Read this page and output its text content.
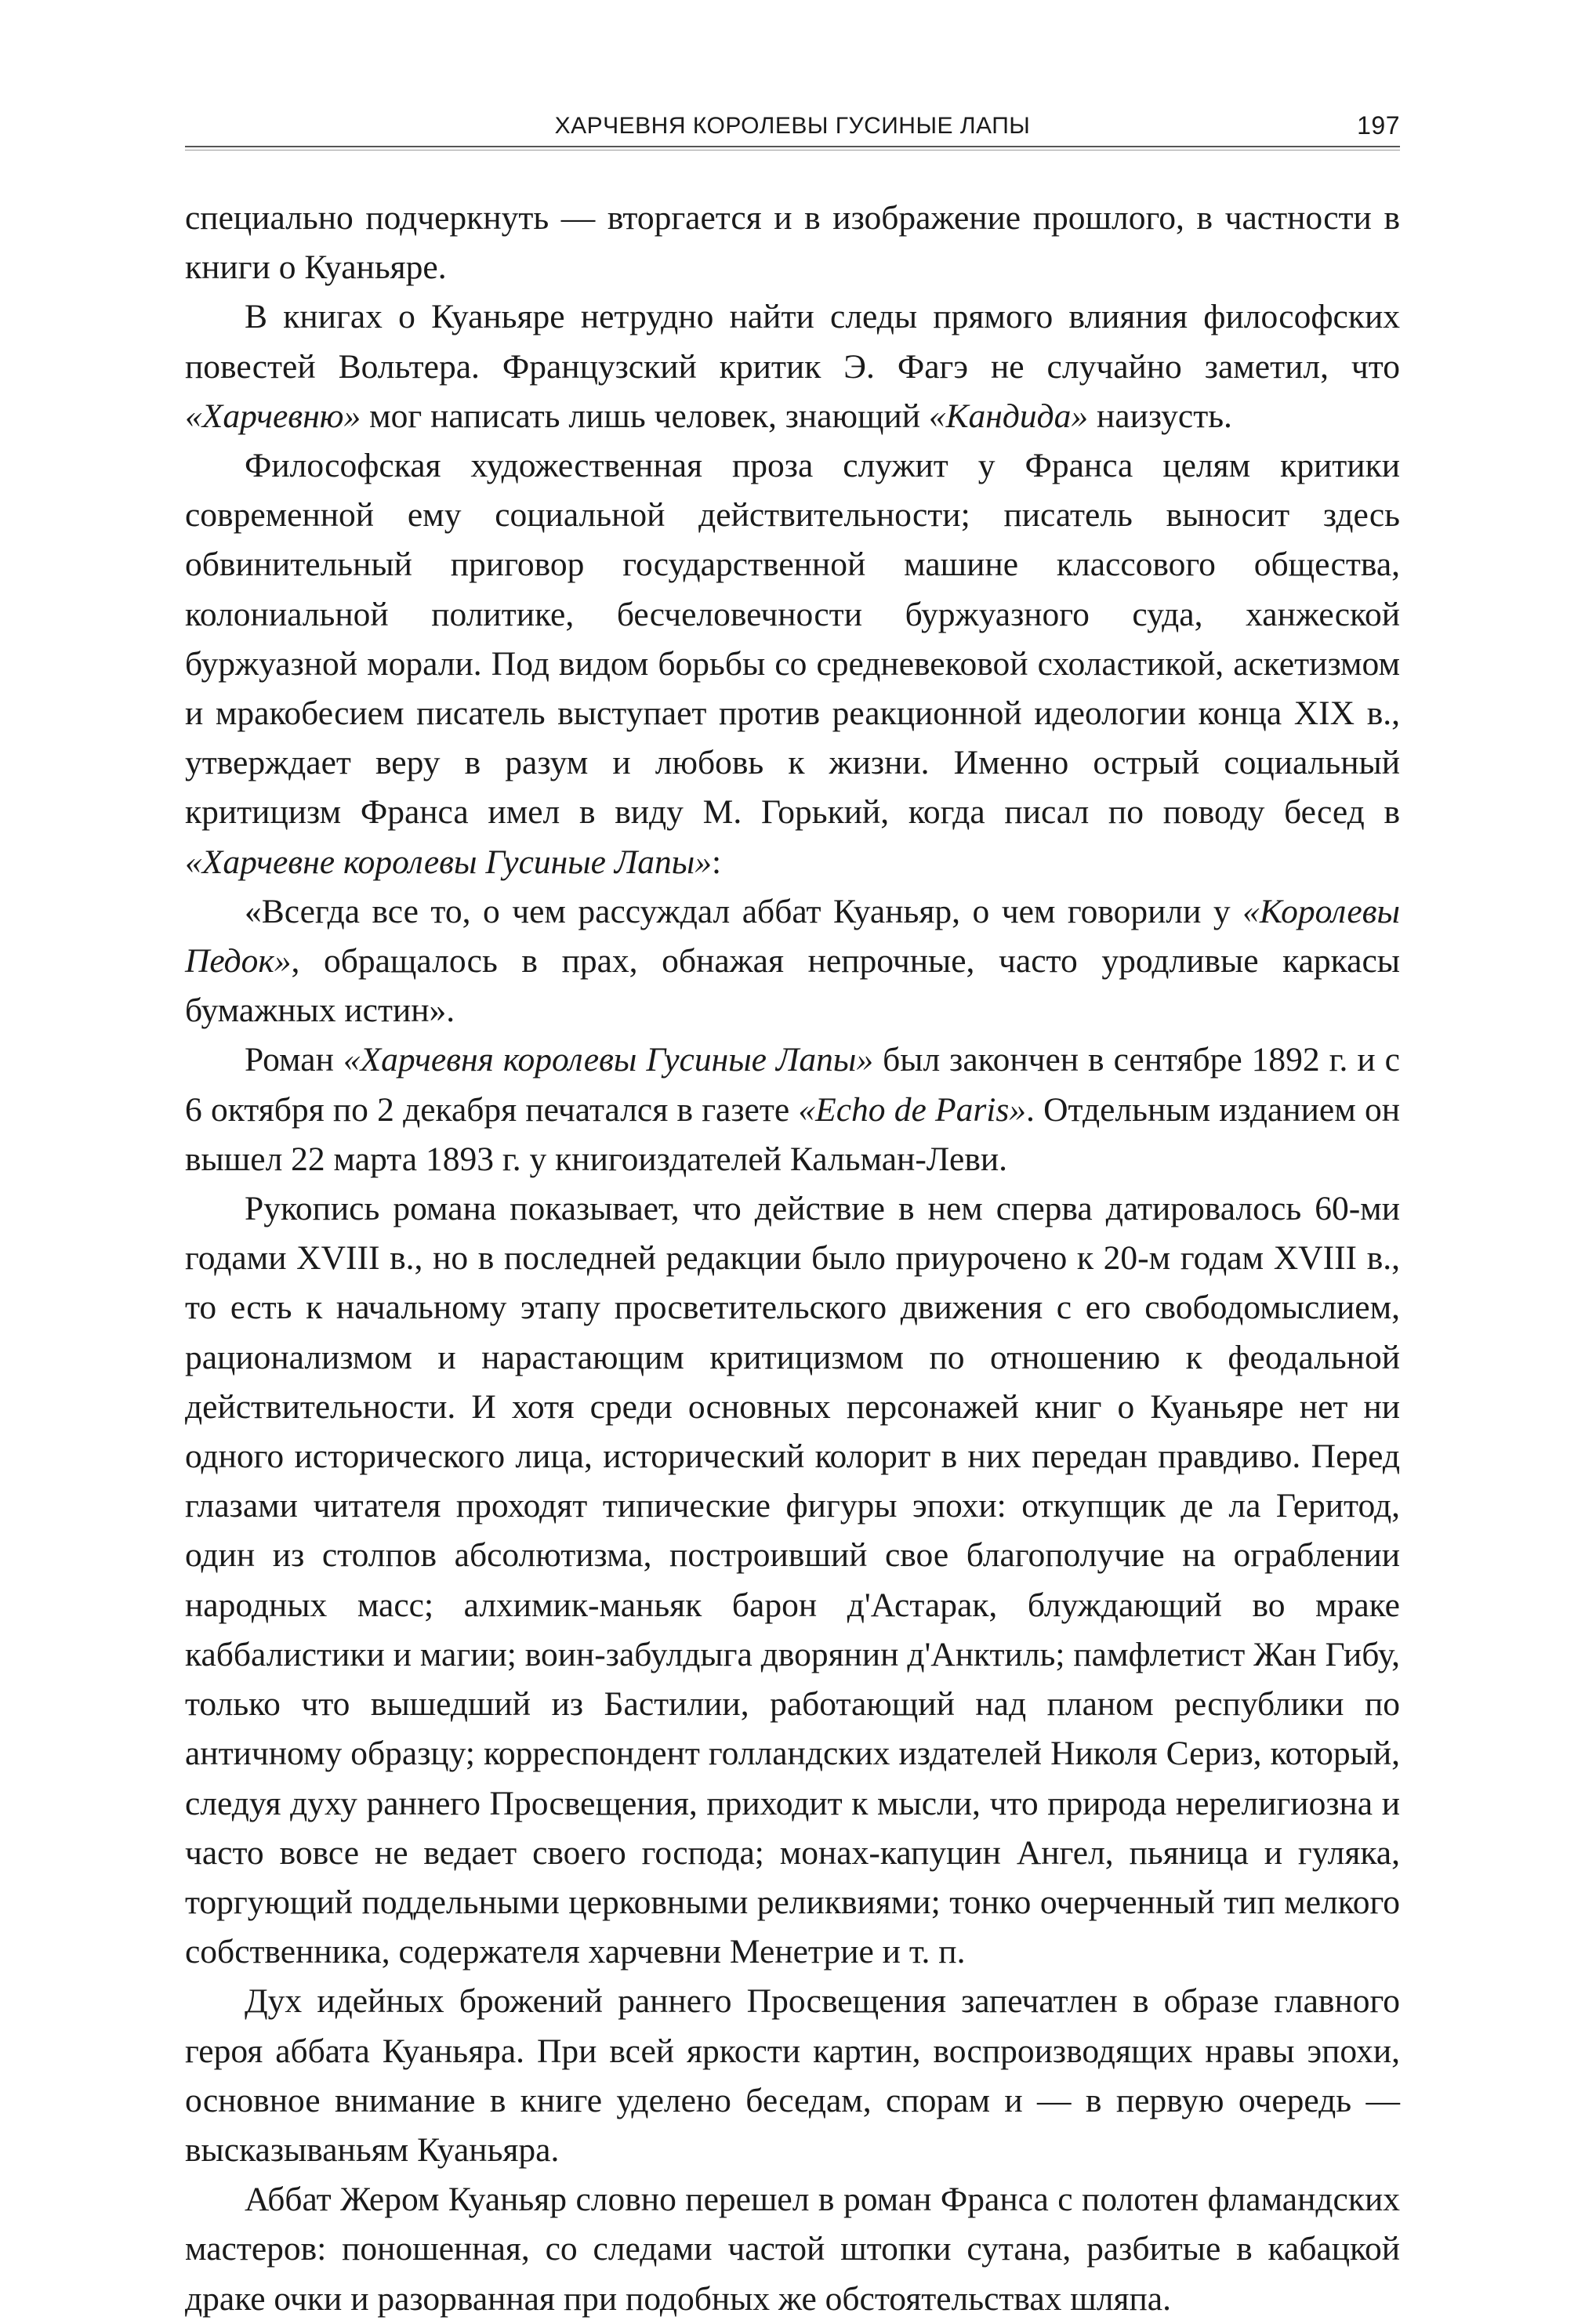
ХАРЧЕВНЯ КОРОЛЕВЫ ГУСИНЫЕ ЛАПЫ	197

специально подчеркнуть — вторгается и в изображение прошлого, в частности в книги о Куаньяре.

В книгах о Куаньяре нетрудно найти следы прямого влияния философских повестей Вольтера. Французский критик Э. Фагэ не случайно заметил, что «Харчевню» мог написать лишь человек, знающий «Кандида» наизусть.

Философская художественная проза служит у Франса целям критики современной ему социальной действительности; писатель выносит здесь обвинительный приговор государственной машине классового общества, колониальной политике, бесчеловечности буржуазного суда, ханжеской буржуазной морали. Под видом борьбы со средневековой схоластикой, аскетизмом и мракобесием писатель выступает против реакционной идеологии конца XIX в., утверждает веру в разум и любовь к жизни. Именно острый социальный критицизм Франса имел в виду М. Горький, когда писал по поводу бесед в «Харчевне королевы Гусиные Лапы»:

«Всегда все то, о чем рассуждал аббат Куаньяр, о чем говорили у «Королевы Педок», обращалось в прах, обнажая непрочные, часто уродливые каркасы бумажных истин».

Роман «Харчевня королевы Гусиные Лапы» был закончен в сентябре 1892 г. и с 6 октября по 2 декабря печатался в газете «Echo de Paris». Отдельным изданием он вышел 22 марта 1893 г. у книгоиздателей Кальман-Леви.

Рукопись романа показывает, что действие в нем сперва датировалось 60-ми годами XVIII в., но в последней редакции было приурочено к 20-м годам XVIII в., то есть к начальному этапу просветительского движения с его свободомыслием, рационализмом и нарастающим критицизмом по отношению к феодальной действительности. И хотя среди основных персонажей книг о Куаньяре нет ни одного исторического лица, исторический колорит в них передан правдиво. Перед глазами читателя проходят типические фигуры эпохи: откупщик де ла Геритод, один из столпов абсолютизма, построивший свое благополучие на ограблении народных масс; алхимик-маньяк барон д'Астарак, блуждающий во мраке каббалистики и магии; воин-забулдыга дворянин д'Анктиль; памфлетист Жан Гибу, только что вышедший из Бастилии, работающий над планом республики по античному образцу; корреспондент голландских издателей Николя Сериз, который, следуя духу раннего Просвещения, приходит к мысли, что природа нерелигиозна и часто вовсе не ведает своего господа; монах-капуцин Ангел, пьяница и гуляка, торгующий поддельными церковными реликвиями; тонко очерченный тип мелкого собственника, содержателя харчевни Менетрие и т. п.

Дух идейных брожений раннего Просвещения запечатлен в образе главного героя аббата Куаньяра. При всей яркости картин, воспроизводящих нравы эпохи, основное внимание в книге уделено беседам, спорам и — в первую очередь — высказываньям Куаньяра.

Аббат Жером Куаньяр словно перешел в роман Франса с полотен фламандских мастеров: поношенная, со следами частой штопки сутана, разбитые в кабацкой драке очки и разорванная при подобных же обстоятельствах шляпа.
